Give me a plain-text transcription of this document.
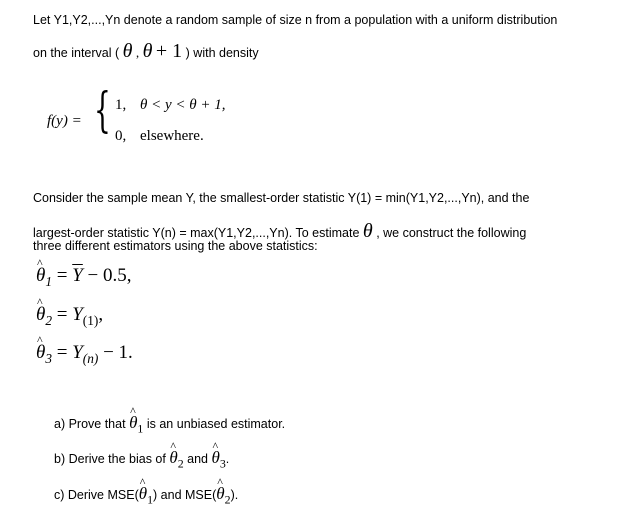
Let Y1,Y2,...,Yn denote a random sample of size n from a population with a uniform distribution
on the interval ( θ , θ + 1 ) with density
f(y) = { 1, θ < y < θ + 1,
0, elsewhere.
Consider the sample mean Y, the smallest-order statistic Y(1) = min(Y1,Y2,...,Yn), and the
largest-order statistic Y(n) = max(Y1,Y2,...,Yn). To estimate θ , we construct the following
three different estimators using the above statistics:
^ $\theta_1 = \overline{Y} - 0.5$,
^ $\theta_2 = Y_{(1)}$,
^ $\theta_3 = Y_{(n)} - 1$.
a) Prove that ^ $\theta_1$ is an unbiased estimator.
b) Derive the bias of ^ $\theta_2$ and ^ $\theta_3$.
c) Derive MSE(^ $\theta_1$) and MSE(^ $\theta_2$).
